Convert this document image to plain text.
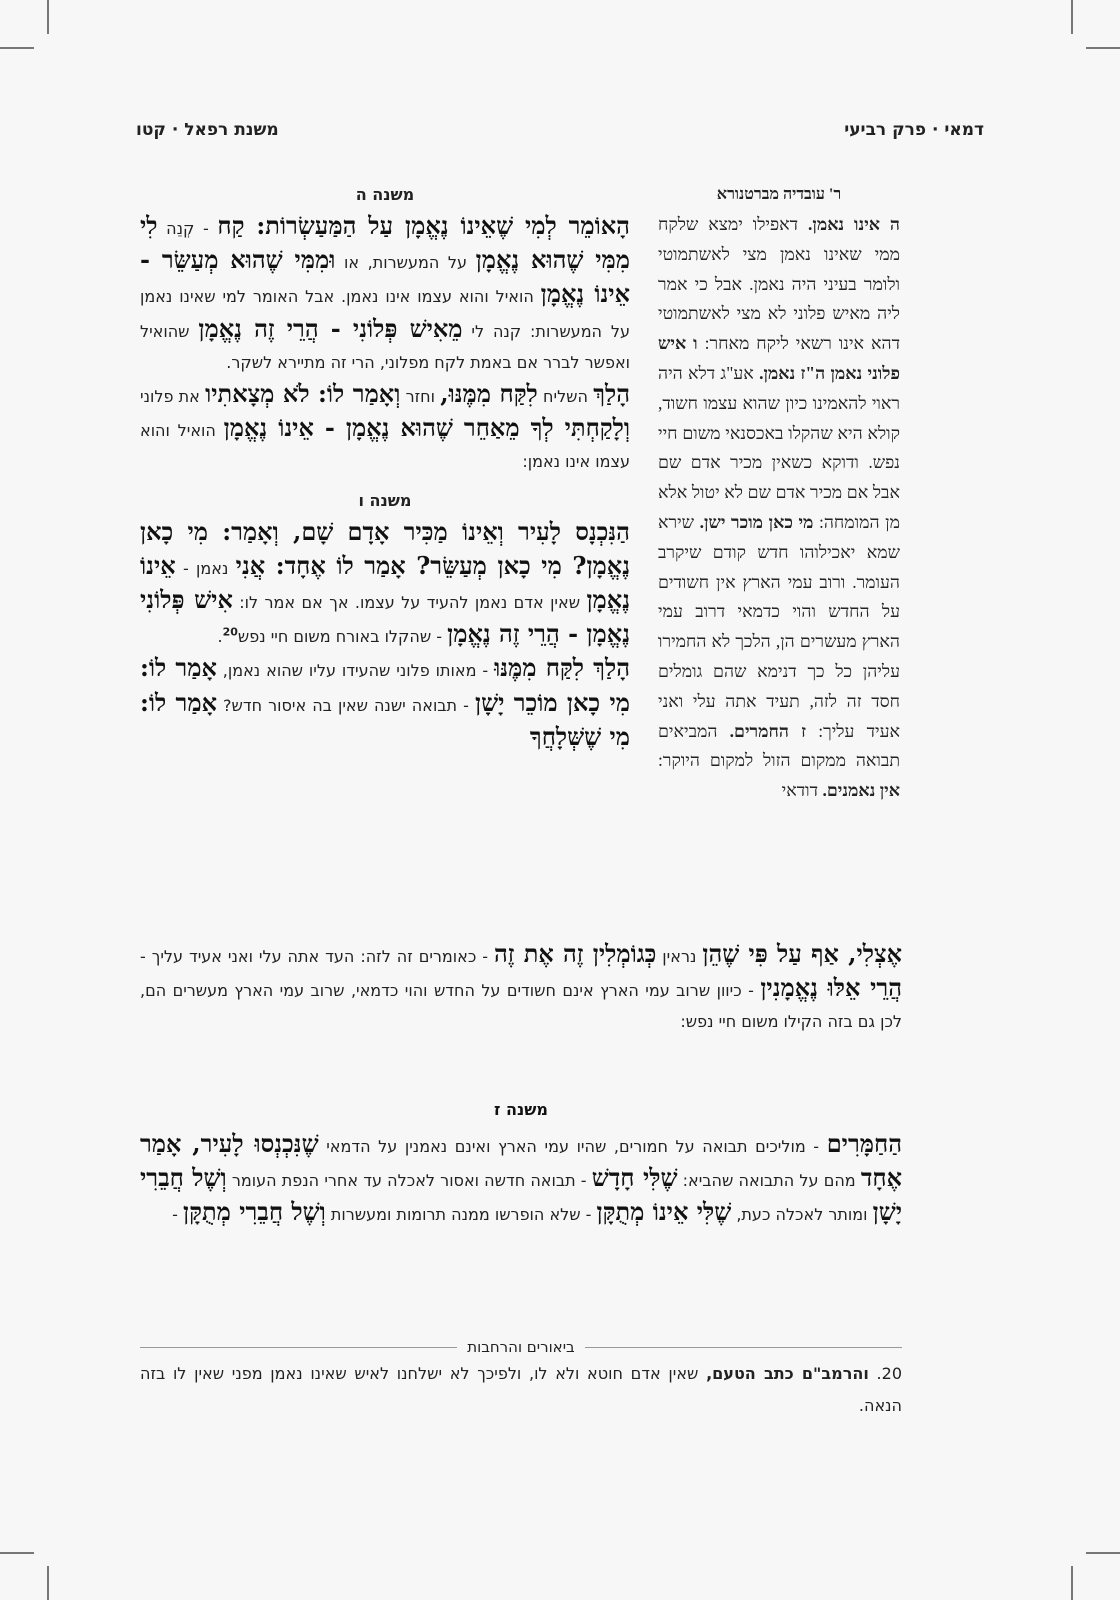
דמאי · פרק רביעי
משנת רפאל · קטו
ר' עובדיה מברטנורא
ה אינו נאמן. דאפילו ימצא שלקח ממי שאינו נאמן מצי לאשתמוטי ולומר בעיני היה נאמן. אבל כי אמר ליה מאיש פלוני לא מצי לאשתמוטי דהא אינו רשאי ליקח מאחר: ו איש פלוני נאמן ה"ז נאמן. אע"ג דלא היה ראוי להאמינו כיון שהוא עצמו חשוד, קולא היא שהקלו באכסנאי משום חיי נפש. ודוקא כשאין מכיר אדם שם אבל אם מכיר אדם שם לא יטול אלא מן המומחה: מי כאן מוכר ישן. שירא שמא יאכילוהו חדש קודם שיקרב העומר. ורוב עמי הארץ אין חשודים על החדש והוי כדמאי דרוב עמי הארץ מעשרים הן, הלכך לא החמירו עליהן כל כך דנימא שהם גומלים חסד זה לזה, תעיד אתה עלי ואני אעיד עליך: ז החמרים. המביאים תבואה ממקום הזול למקום היוקר: אין נאמנים. דודאי
משנה ה
הָאוֹמֵר לְמִי שֶׁאֵינוֹ נֶאֱמָן עַל הַמַּעַשְׂרוֹת: קַח - קְנֵה לִי מִמִּי שֶׁהוּא נֶאֱמָן על המעשרות, או וּמִמִּי שֶׁהוּא מְעַשֵּׂר - אֵינוֹ נֶאֱמָן הואיל והוא עצמו אינו נאמן. אבל האומר למי שאינו נאמן על המעשרות: קנה לי מֵאִישׁ פְּלוֹנִי - הֲרֵי זֶה נֶאֱמָן שהואיל ואפשר לברר אם באמת לקח מפלוני, הרי זה מתיירא לשקר.
הָלַךְ השליח לִקַּח מִמֶּנּוּ, וחזר וְאָמַר לוֹ: לֹא מְצָאתִיו את פלוני וְלָקַחְתִּי לְךָ מֵאַחֵר שֶׁהוּא נֶאֱמָן - אֵינוֹ נֶאֱמָן הואיל והוא עצמו אינו נאמן:
משנה ו
הַנִּכְנָס לָעִיר וְאֵינוֹ מַכִּיר אָדָם שָׁם, וְאָמַר: מִי כָאן נֶאֱמָן? מִי כָאן מְעַשֵּׂר? אָמַר לוֹ אֶחָד: אֲנִי נאמן - אֵינוֹ נֶאֱמָן שאין אדם נאמן להעיד על עצמו. אך אם אמר לו: אִישׁ פְּלוֹנִי נֶאֱמָן - הֲרֵי זֶה נֶאֱמָן - שהקלו באורח משום חיי נפש$^{20}$.
הָלַךְ לִקַּח מִמֶּנּוּ - מאותו פלוני שהעידו עליו שהוא נאמן, אָמַר לוֹ: מִי כָאן מוֹכֵר יָשָׁן - תבואה ישנה שאין בה איסור חדש? אָמַר לוֹ: מִי שֶׁשְּׁלָחֲךָ
אֶצְלִי, אַף עַל פִּי שֶׁהֵן נראין כְּגוֹמְלִין זֶה אֶת זֶה - כאומרים זה לזה: העד אתה עלי ואני אעיד עליך - הֲרֵי אֵלּוּ נֶאֱמָנִין - כיוון שרוב עמי הארץ אינם חשודים על החדש והוי כדמאי, שרוב עמי הארץ מעשרים הם, לכן גם בזה הקילו משום חיי נפש:
משנה ז
הַחַמָּרִים - מוליכים תבואה על חמורים, שהיו עמי הארץ ואינם נאמנין על הדמאי שֶׁנִּכְנְסוּ לָעִיר, אָמַר אֶחָד מהם על התבואה שהביא: שֶׁלִּי חָדָשׁ - תבואה חדשה ואסור לאכלה עד אחרי הנפת העומר וְשֶׁל חֲבֵרִי יָשָׁן ומותר לאכלה כעת, שֶׁלִּי אֵינוֹ מְתֻקָּן - שלא הופרשו ממנה תרומות ומעשרות וְשֶׁל חֲבֵרִי מְתֻקָּן -
ביאורים והרחבות
20. והרמב"ם כתב הטעם, שאין אדם חוטא ולא לו, ולפיכך לא ישלחנו לאיש שאינו נאמן מפני שאין לו בזה הנאה.
